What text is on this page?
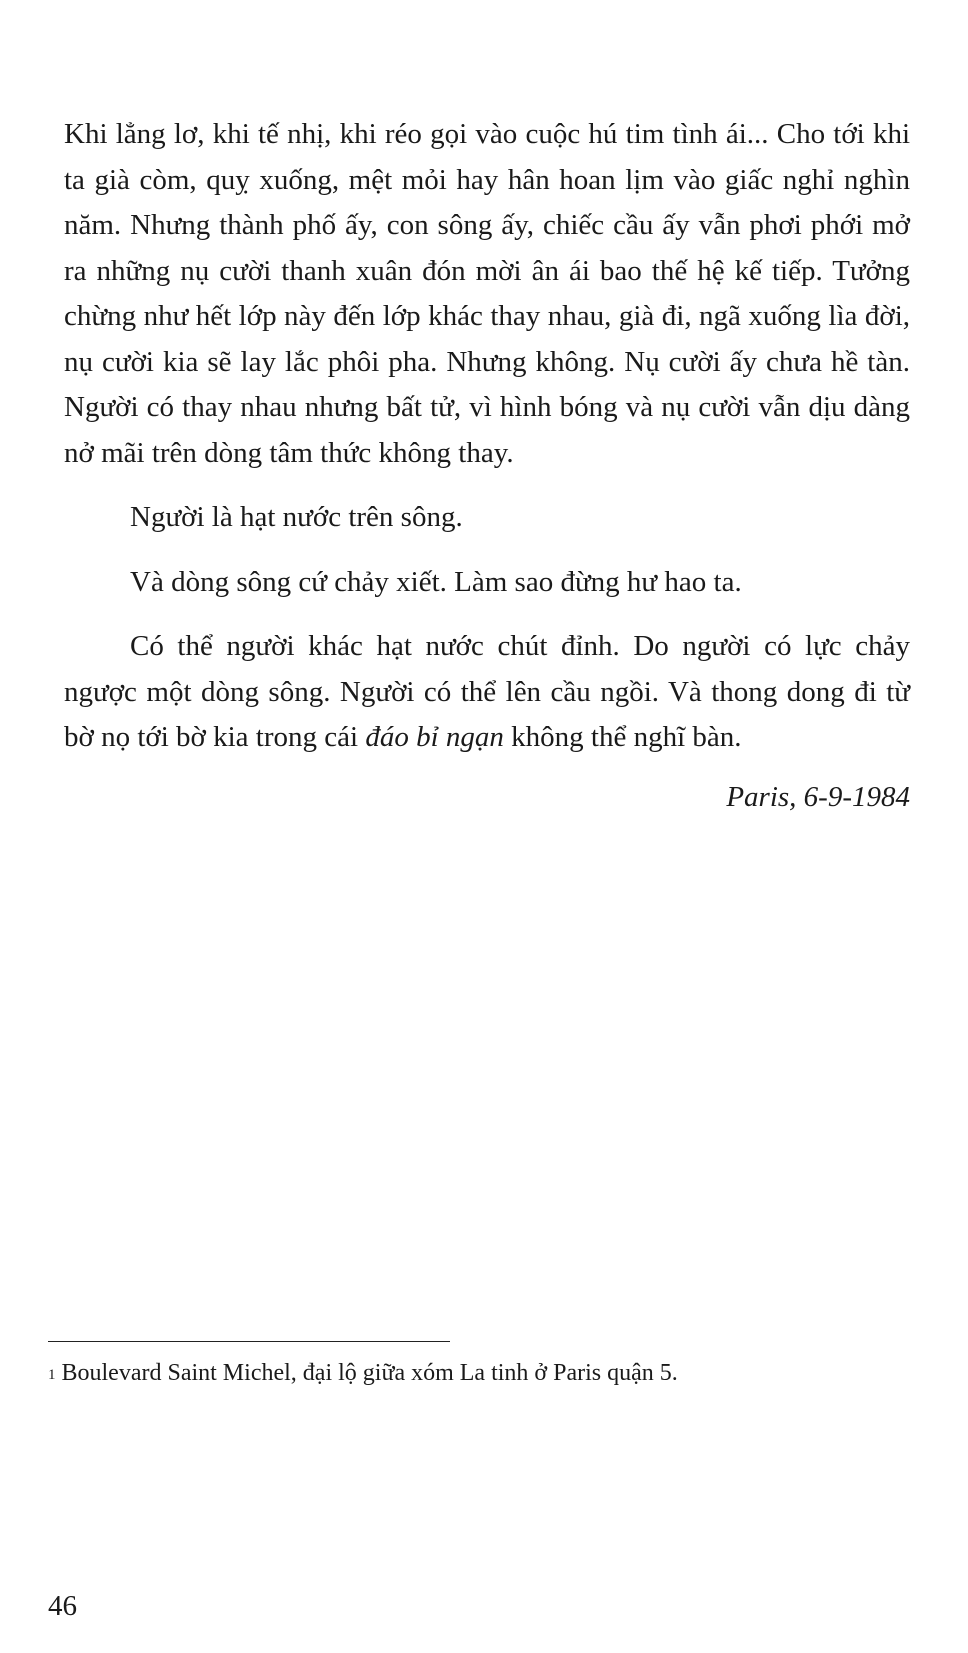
Khi lẳng lơ, khi tế nhị, khi réo gọi vào cuộc hú tim tình ái... Cho tới khi ta già còm, quỵ xuống, mệt mỏi hay hân hoan lịm vào giấc nghỉ nghìn năm. Nhưng thành phố ấy, con sông ấy, chiếc cầu ấy vẫn phơi phới mở ra những nụ cười thanh xuân đón mời ân ái bao thế hệ kế tiếp. Tưởng chừng như hết lớp này đến lớp khác thay nhau, già đi, ngã xuống lìa đời, nụ cười kia sẽ lay lắc phôi pha. Nhưng không. Nụ cười ấy chưa hề tàn. Người có thay nhau nhưng bất tử, vì hình bóng và nụ cười vẫn dịu dàng nở mãi trên dòng tâm thức không thay.

Người là hạt nước trên sông.

Và dòng sông cứ chảy xiết. Làm sao đừng hư hao ta.

Có thể người khác hạt nước chút đỉnh. Do người có lực chảy ngược một dòng sông. Người có thể lên cầu ngồi. Và thong dong đi từ bờ nọ tới bờ kia trong cái đáo bỉ ngạn không thể nghĩ bàn.

Paris, 6-9-1984

$^1$ Boulevard Saint Michel, đại lộ giữa xóm La tinh ở Paris quận 5.

46
